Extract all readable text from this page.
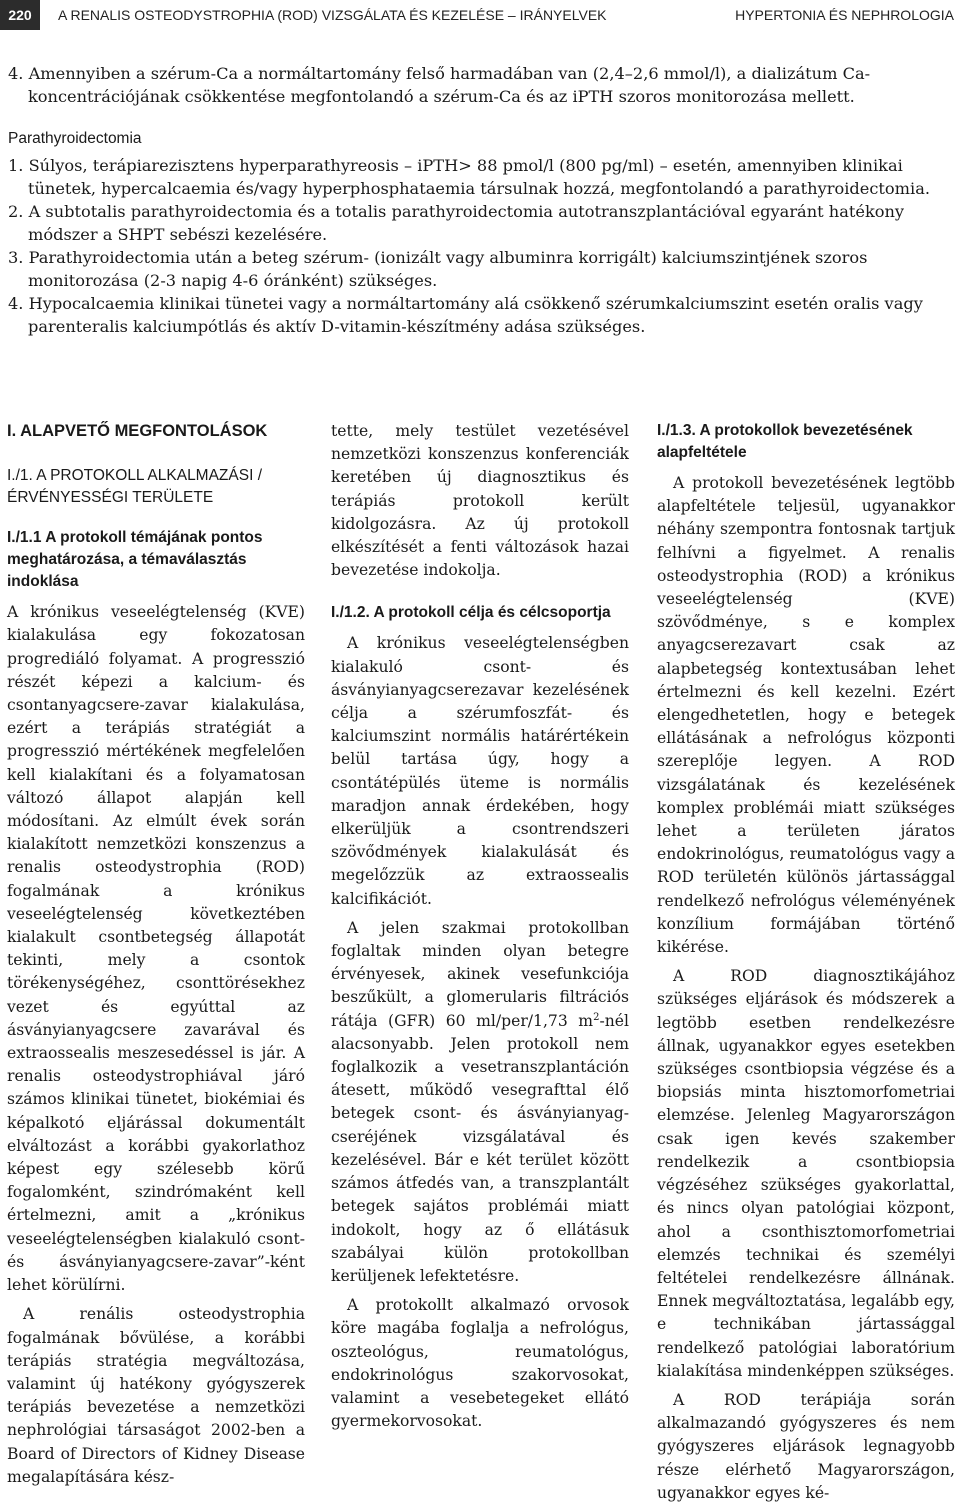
220	A RENALIS OSTEODYSTROPHIA (ROD) VIZSGÁLATA ÉS KEZELÉSE – IRÁNYELVEK	HYPERTONIA ÉS NEPHROLOGIA

4. Amennyiben a szérum-Ca a normáltartomány felső harmadában van (2,4–2,6 mmol/l), a dializátum Ca-koncentrációjának csökkentése megfontolandó a szérum-Ca és az iPTH szoros monitorozása mellett.

Parathyroidectomia

1. Súlyos, terápiarezisztens hyperparathyreosis – iPTH> 88 pmol/l (800 pg/ml) – esetén, amennyiben klinikai tünetek, hypercalcaemia és/vagy hyperphosphataemia társulnak hozzá, megfontolandó a parathyroidectomia.

2. A subtotalis parathyroidectomia és a totalis parathyroidectomia autotranszplantációval egyaránt hatékony módszer a SHPT sebészi kezelésére.

3. Parathyroidectomia után a beteg szérum- (ionizált vagy albuminra korrigált) kalciumszintjének szoros monitorozása (2-3 napig 4-6 óránként) szükséges.

4. Hypocalcaemia klinikai tünetei vagy a normáltartomány alá csökkenő szérumkalciumszint esetén oralis vagy parenteralis kalciumpótlás és aktív D-vitamin-készítmény adása szükséges.

I. ALAPVETŐ MEGFONTOLÁSOK

I./1. A PROTOKOLL ALKALMAZÁSI / ÉRVÉNYESSÉGI TERÜLETE

I./1.1 A protokoll témájának pontos meghatározása, a témaválasztás indoklása

A krónikus veseelégtelenség (KVE) kialakulása egy fokozatosan progrediáló folyamat. A progresszió részét képezi a kalcium- és csontanyagcsere-zavar kialakulása, ezért a terápiás stratégiát a progresszió mértékének megfelelően kell kialakítani és a folyamatosan változó állapot alapján kell módosítani. Az elmúlt évek során kialakított nemzetközi konszenzus a renalis osteodystrophia (ROD) fogalmának a krónikus veseelégtelenség következtében kialakult csontbetegség állapotát tekinti, mely a csontok törékenységéhez, csonttörésekhez vezet és egyúttal az ásványianyagcsere zavarával és extraossealis meszesedéssel is jár. A renalis osteodystrophiával járó számos klinikai tünetet, biokémiai és képalkotó eljárással dokumentált elváltozást a korábbi gyakorlathoz képest egy szélesebb körű fogalomként, szindrómaként kell értelmezni, amit a „krónikus veseelégtelenségben kialakuló csont- és ásványianyagcsere-zavar”-ként lehet körülírni.

A renális osteodystrophia fogalmának bővülése, a korábbi terápiás stratégia megváltozása, valamint új hatékony gyógyszerek terápiás bevezetése a nemzetközi nephrológiai társaságot 2002-ben a Board of Directors of Kidney Disease megalapítására kész-

tette, mely testület vezetésével nemzetközi konszenzus konferenciák keretében új diagnosztikus és terápiás protokoll került kidolgozásra. Az új protokoll elkészítését a fenti változások hazai bevezetése indokolja.

I./1.2. A protokoll célja és célcsoportja

A krónikus veseelégtelenségben kialakuló csont- és ásványianyagcserezavar kezelésének célja a szérumfoszfát- és kalciumszint normális határértékein belül tartása úgy, hogy a csontátépülés üteme is normális maradjon annak érdekében, hogy elkerüljük a csontrendszeri szövődmények kialakulását és megelőzzük az extraossealis kalcifikációt.

A jelen szakmai protokollban foglaltak minden olyan betegre érvényesek, akinek vesefunkciója beszűkült, a glomerularis filtrációs rátája (GFR) 60 ml/per/1,73 $m^2$-nél alacsonyabb. Jelen protokoll nem foglalkozik a vesetranszplantáción átesett, működő vesegrafttal élő betegek csont- és ásványianyag-cseréjének vizsgálatával és kezelésével. Bár e két terület között számos átfedés van, a transzplantált betegek sajátos problémái miatt indokolt, hogy az ő ellátásuk szabályai külön protokollban kerüljenek lefektetésre.

A protokollt alkalmazó orvosok köre magába foglalja a nefrológus, oszteológus, reumatológus, endokrinológus szakorvosokat, valamint a vesebetegeket ellátó gyermekorvosokat.

I./1.3. A protokollok bevezetésének alapfeltétele

A protokoll bevezetésének legtöbb alapfeltétele teljesül, ugyanakkor néhány szempontra fontosnak tartjuk felhívni a figyelmet. A renalis osteodystrophia (ROD) a krónikus veseelégtelenség (KVE) szövődménye, s e komplex anyagcserezavart csak az alapbetegség kontextusában lehet értelmezni és kell kezelni. Ezért elengedhetetlen, hogy e betegek ellátásának a nefrológus központi szereplője legyen. A ROD vizsgálatának és kezelésének komplex problémái miatt szükséges lehet a területen járatos endokrinológus, reumatológus vagy a ROD területén különös jártassággal rendelkező nefrológus véleményének konzílium formájában történő kikérése.

A ROD diagnosztikájához szükséges eljárások és módszerek a legtöbb esetben rendelkezésre állnak, ugyanakkor egyes esetekben szükséges csontbiopsia végzése és a biopsiás minta hisztomorfometriai elemzése. Jelenleg Magyarországon csak igen kevés szakember rendelkezik a csontbiopsia végzéséhez szükséges gyakorlattal, és nincs olyan patológiai központ, ahol a csonthisztomorfometriai elemzés technikai és személyi feltételei rendelkezésre állnának. Ennek megváltoztatása, legalább egy, e technikában jártassággal rendelkező patológiai laboratórium kialakítása mindenképpen szükséges.

A ROD terápiája során alkalmazandó gyógyszeres és nem gyógyszeres eljárások legnagyobb része elérhető Magyarországon, ugyanakkor egyes ké-
